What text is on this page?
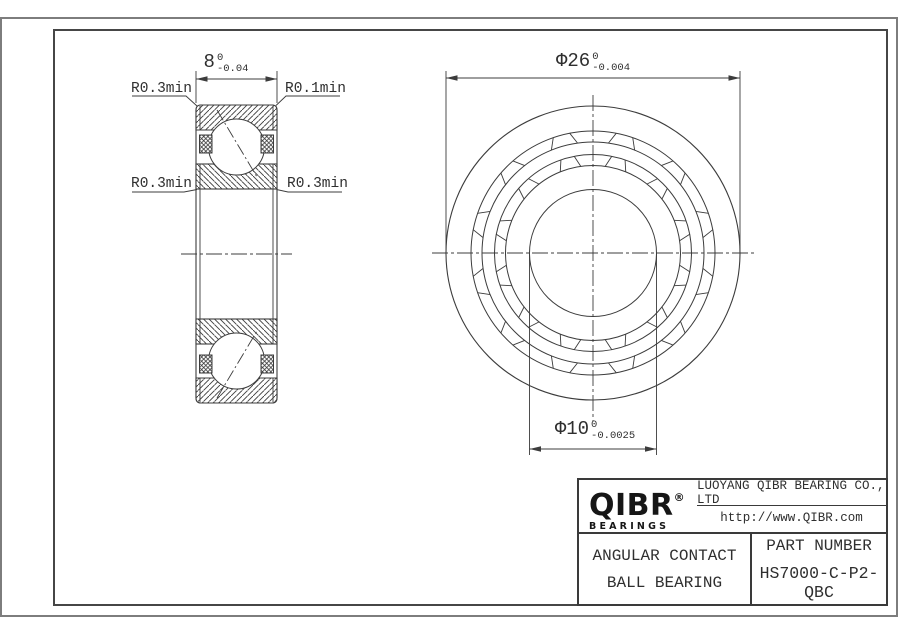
8 0
-0.04	Φ26 0
-0.004
Φ10 0
-0.0025
R0.3min	R0.1min
R0.3min	R0.3min
QIBR®
BEARINGS
LUOYANG QIBR BEARING CO., LTD
http://www.QIBR.com
ANGULAR CONTACT
BALL BEARING
PART NUMBER
HS7000-C-P2-QBC
